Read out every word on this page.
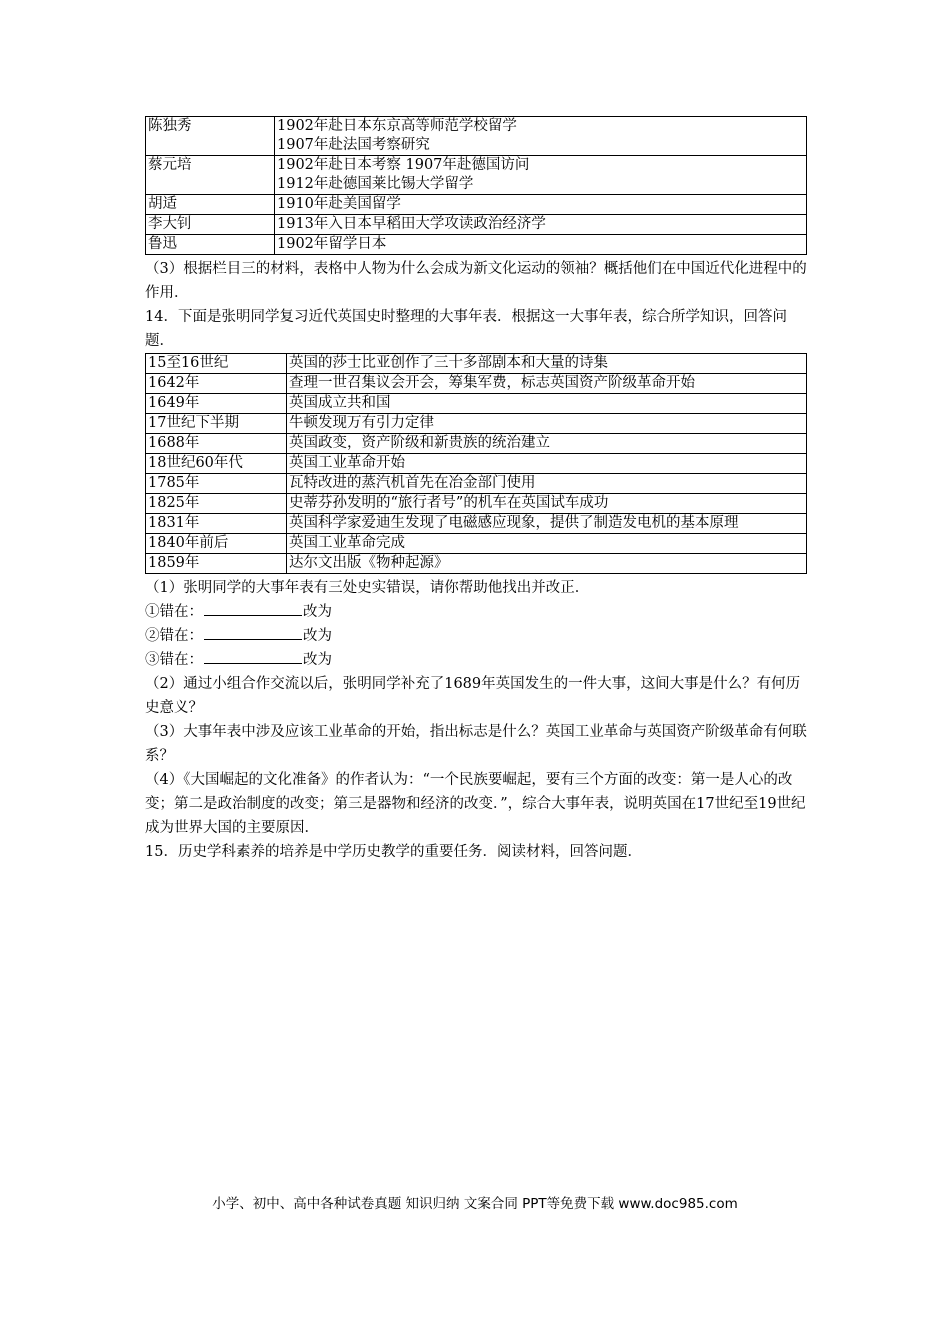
陈独秀	1902年赴日本东京高等师范学校留学
1907年赴法国考察研究

蔡元培	1902年赴日本考察 1907年赴德国访问
1912年赴德国莱比锡大学留学

胡适	1910年赴美国留学

李大钊	1913年入日本早稻田大学攻读政治经济学

鲁迅	1902年留学日本

（3）根据栏目三的材料，表格中人物为什么会成为新文化运动的领袖？概括他们在中国近代化进程中的作用．

14．下面是张明同学复习近代英国史时整理的大事年表．根据这一大事年表，综合所学知识，回答问题．

15至16世纪	英国的莎士比亚创作了三十多部剧本和大量的诗集
1642年	查理一世召集议会开会，筹集军费，标志英国资产阶级革命开始
1649年	英国成立共和国
17世纪下半期	牛顿发现万有引力定律
1688年	英国政变，资产阶级和新贵族的统治建立
18世纪60年代	英国工业革命开始
1785年	瓦特改进的蒸汽机首先在冶金部门使用
1825年	史蒂芬孙发明的“旅行者号”的机车在英国试车成功
1831年	英国科学家爱迪生发现了电磁感应现象，提供了制造发电机的基本原理
1840年前后	英国工业革命完成
1859年	达尔文出版《物种起源》

（1）张明同学的大事年表有三处史实错误，请你帮助他找出并改正．

①错在：	改为

②错在：	改为

③错在：	改为

（2）通过小组合作交流以后，张明同学补充了1689年英国发生的一件大事，这间大事是什么？有何历史意义？

（3）大事年表中涉及应该工业革命的开始，指出标志是什么？英国工业革命与英国资产阶级革命有何联系？

（4）《大国崛起的文化准备》的作者认为：“一个民族要崛起，要有三个方面的改变：第一是人心的改变；第二是政治制度的改变；第三是器物和经济的改变．”，综合大事年表，说明英国在17世纪至19世纪成为世界大国的主要原因．

15．历史学科素养的培养是中学历史教学的重要任务．阅读材料，回答问题．

小学、初中、高中各种试卷真题 知识归纳 文案合同 PPT等免费下载 www.doc985.com
